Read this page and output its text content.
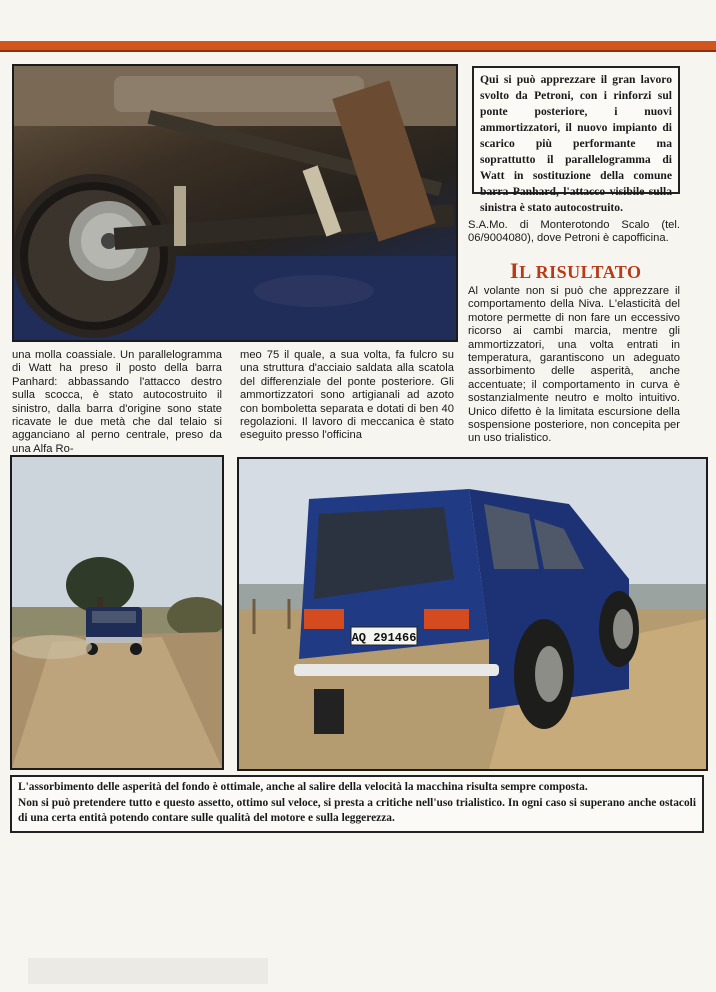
Qui si può apprezzare il gran lavoro svolto da Petroni, con i rinforzi sul ponte posteriore, i nuovi ammortizzatori, il nuovo impianto di scarico più performante ma soprattutto il parallelogramma di Watt in sostituzione della comune barra Panhard, l'attacco visibile sulla sinistra è stato autocostruito.
S.A.Mo. di Monterotondo Scalo (tel. 06/9004080), dove Petroni è capofficina.
IL RISULTATO
Al volante non si può che apprezzare il comportamento della Niva. L'elasticità del motore permette di non fare un eccessivo ricorso ai cambi marcia, mentre gli ammortizzatori, una volta entrati in temperatura, garantiscono un adeguato assorbimento delle asperità, anche accentuate; il comportamento in curva è sostanzialmente neutro e molto intuitivo. Unico difetto è la limitata escursione della sospensione posteriore, non concepita per un uso trialistico.
una molla coassiale. Un parallelogramma di Watt ha preso il posto della barra Panhard: abbassando l'attacco destro sulla scocca, è stato autocostruito il sinistro, dalla barra d'origine sono state ricavate le due metà che dal telaio si agganciano al perno centrale, preso da una Alfa Ro-
meo 75 il quale, a sua volta, fa fulcro su una struttura d'acciaio saldata alla scatola del differenziale del ponte posteriore. Gli ammortizzatori sono artigianali ad azoto con bomboletta separata e dotati di ben 40 regolazioni. Il lavoro di meccanica è stato eseguito presso l'officina
AQ 291466
L'assorbimento delle asperità del fondo è ottimale, anche al salire della velocità la macchina risulta sempre composta.
Non si può pretendere tutto e questo assetto, ottimo sul veloce, si presta a critiche nell'uso trialistico. In ogni caso si superano anche ostacoli di una certa entità potendo contare sulle qualità del motore e sulla leggerezza.
